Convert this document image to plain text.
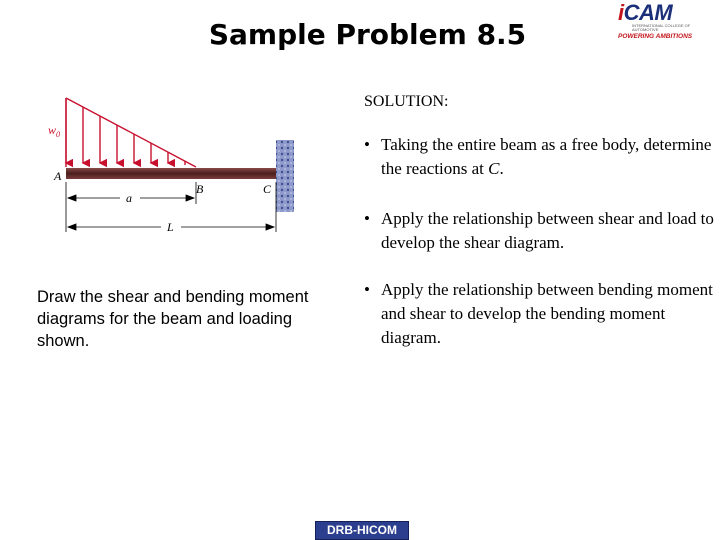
Sample Problem 8.5
iCAM
INTERNATIONAL COLLEGE OF
AUTOMOTIVE
POWERING AMBITIONS
$w_0$
A
B	C
a
L
SOLUTION:
• Taking the entire beam as a free body, determine the reactions at C.
• Apply the relationship between shear and load to develop the shear diagram.
• Apply the relationship between bending moment and shear to develop the bending moment diagram.
Draw the shear and bending moment diagrams for the beam and loading shown.
DRB-HICOM
